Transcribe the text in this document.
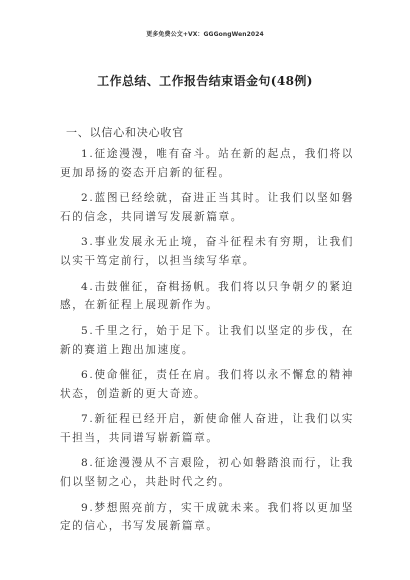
更多免费公文+VX：GGGongWen2024
工作总结、工作报告结束语金句(48例)
一、以信心和决心收官

1.征途漫漫，唯有奋斗。站在新的起点，我们将以更加昂扬的姿态开启新的征程。

2.蓝图已经绘就，奋进正当其时。让我们以坚如磐石的信念，共同谱写发展新篇章。

3.事业发展永无止境，奋斗征程未有穷期，让我们以实干笃定前行，以担当续写华章。

4.击鼓催征，奋楫扬帆。我们将以只争朝夕的紧迫感，在新征程上展现新作为。

5.千里之行，始于足下。让我们以坚定的步伐，在新的赛道上跑出加速度。

6.使命催征，责任在肩。我们将以永不懈怠的精神状态，创造新的更大奇迹。

7.新征程已经开启，新使命催人奋进，让我们以实干担当，共同谱写崭新篇章。

8.征途漫漫从不言艰险，初心如磐踏浪而行，让我们以坚韧之心，共赴时代之约。

9.梦想照亮前方，实干成就未来。我们将以更加坚定的信心，书写发展新篇章。
